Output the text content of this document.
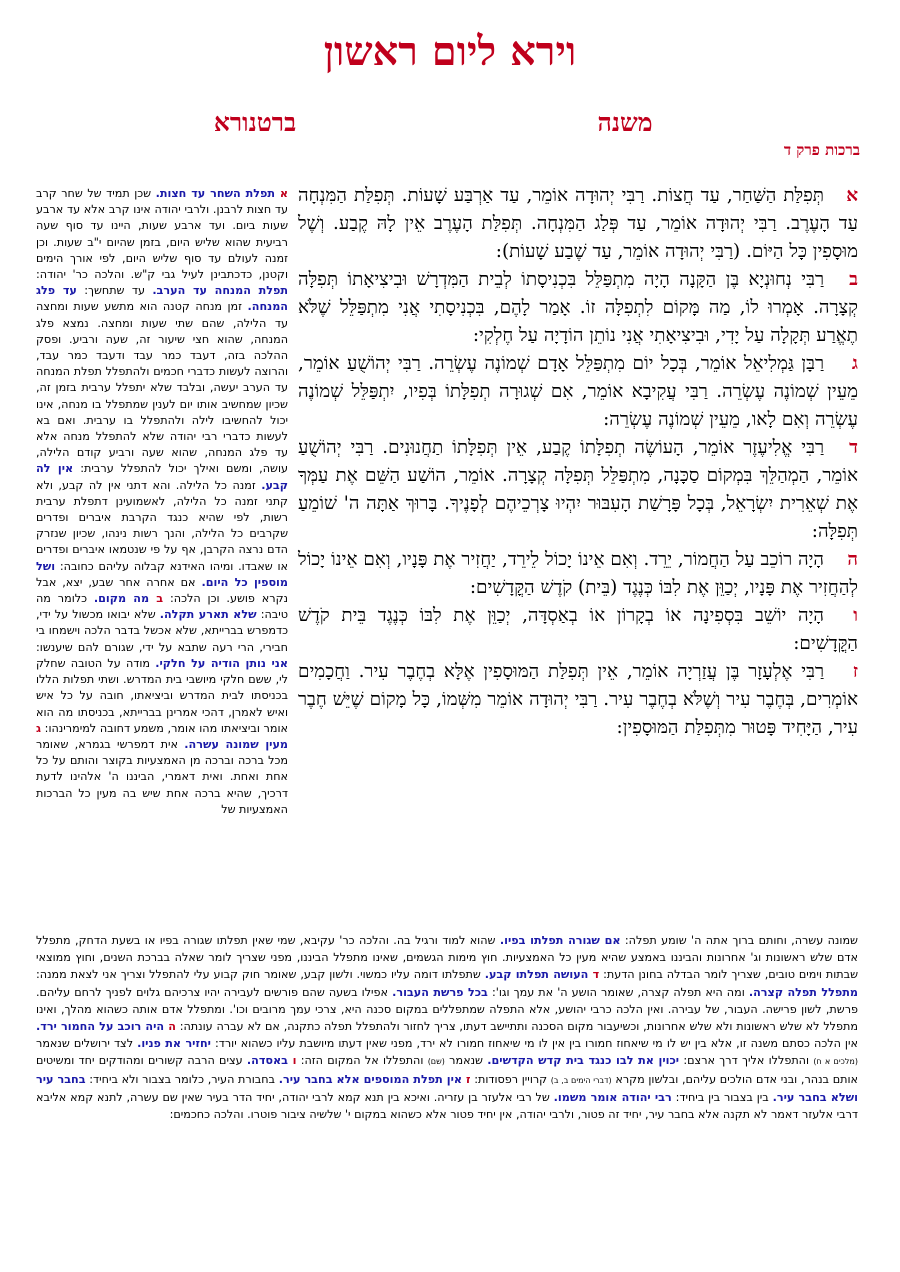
וירא ליום ראשון
משנה
ברטנורא
ברכות פרק ד

אתְּפִלַּת הַשַּׁחַר, עַד חֲצוֹת. רַבִּי יְהוּדָה אוֹמֵר, עַד אַרְבַּע שָׁעוֹת. תְּפִלַּת הַמִּנְחָה עַד הָעֶרֶב. רַבִּי יְהוּדָה אוֹמֵר, עַד פְּלַג הַמִּנְחָה. תְּפִלַּת הָעֶרֶב אֵין לָהּ קֶבַע. וְשֶׁל מוּסָפִין כָּל הַיּוֹם. (רַבִּי יְהוּדָה אוֹמֵר, עַד שֶׁבַע שָׁעוֹת):

ברַבִּי נְחוּנְיָא בֶּן הַקָּנָה הָיָה מִתְפַּלֵּל בִּכְנִיסָתוֹ לְבֵית הַמִּדְרָשׁ וּבִיצִיאָתוֹ תְּפִלָּה קְצָרָה. אָמְרוּ לוֹ, מַה מָּקוֹם לִתְפִלָּה זוֹ. אָמַר לָהֶם, בִּכְנִיסָתִי אֲנִי מִתְפַּלֵּל שֶׁלֹּא תֶאֱרַע תְּקָלָה עַל יָדִי, וּבִיצִיאָתִי אֲנִי נוֹתֵן הוֹדָיָה עַל חֶלְקִי:

גרַבָּן גַּמְלִיאֵל אוֹמֵר, בְּכָל יוֹם מִתְפַּלֵּל אָדָם שְׁמוֹנֶה עֶשְׂרֵה. רַבִּי יְהוֹשֻׁעַ אוֹמֵר, מֵעֵין שְׁמוֹנֶה עֶשְׂרֵה. רַבִּי עֲקִיבָא אוֹמֵר, אִם שְׁגוּרָה תְפִלָּתוֹ בְּפִיו, יִתְפַּלֵּל שְׁמוֹנֶה עֶשְׂרֵה וְאִם לָאו, מֵעֵין שְׁמוֹנֶה עֶשְׂרֵה:

דרַבִּי אֱלִיעֶזֶר אוֹמֵר, הָעוֹשֶׂה תְפִלָּתוֹ קֶבַע, אֵין תְּפִלָּתוֹ תַחֲנוּנִים. רַבִּי יְהוֹשֻׁעַ אוֹמֵר, הַמְהַלֵּךְ בִּמְקוֹם סַכָּנָה, מִתְפַּלֵּל תְּפִלָּה קְצָרָה. אוֹמֵר, הוֹשַׁע הַשֵּׁם אֶת עַמְּךָ אֶת שְׁאֵרִית יִשְׂרָאֵל, בְּכָל פָּרָשַׁת הָעִבּוּר יִהְיוּ צָרְכֵיהֶם לְפָנֶיךָ. בָּרוּךְ אַתָּה ה' שׁוֹמֵעַ תְּפִלָּה:

ההָיָה רוֹכֵב עַל הַחֲמוֹר, יֵרֵד. וְאִם אֵינוֹ יָכוֹל לֵירֵד, יַחֲזִיר אֶת פָּנָיו, וְאִם אֵינוֹ יָכוֹל לְהַחֲזִיר אֶת פָּנָיו, יְכַוֵּן אֶת לִבּוֹ כְּנֶגֶד (בֵּית) קֹדֶשׁ הַקֳּדָשִׁים:

והָיָה יוֹשֵׁב בִּסְפִינָה אוֹ בְקָרוֹן אוֹ בְאַסְדָּה, יְכַוֵּן אֶת לִבּוֹ כְּנֶגֶד בֵּית קֹדֶשׁ הַקֳּדָשִׁים:

זרַבִּי אֶלְעָזָר בֶּן עֲזַרְיָה אוֹמֵר, אֵין תְּפִלַּת הַמּוּסָפִין אֶלָּא בְחֶבֶר עִיר. וַחֲכָמִים אוֹמְרִים, בְּחֶבֶר עִיר וְשֶׁלֹּא בְחֶבֶר עִיר. רַבִּי יְהוּדָה אוֹמֵר מִשְּׁמוֹ, כָּל מָקוֹם שֶׁיֵּשׁ חֶבֶר עִיר, הַיָּחִיד פָּטוּר מִתְּפִלַּת הַמּוּסָפִין:

א תפלת השחר עד חצות. שכן תמיד של שחר קרב עד חצות לרבנן. ולרבי יהודה אינו קרב אלא עד ארבע שעות ביום. ועד ארבע שעות, היינו עד סוף שעה רביעית שהוא שליש היום, בזמן שהיום י"ב שעות. וכן זמנה לעולם עד סוף שליש היום, לפי אורך הימים וקטנן, כדכתבינן לעיל גבי ק"ש. והלכה כר' יהודה: תפלת המנחה עד הערב. עד שתחשך: עד פלג המנחה. זמן מנחה קטנה הוא מתשע שעות ומחצה עד הלילה, שהם שתי שעות ומחצה. נמצא פלג המנחה, שהוא חצי שיעור זה, שעה ורביע. ופסק ההלכה בזה, דעבד כמר עבד ודעבד כמר עבד, והרוצה לעשות כדברי חכמים ולהתפלל תפלת המנחה עד הערב יעשה, ובלבד שלא יתפלל ערבית בזמן זה, שכיון שמחשיב אותו יום לענין שמתפלל בו מנחה, אינו יכול להחשיבו לילה ולהתפלל בו ערבית. ואם בא לעשות כדברי רבי יהודה שלא להתפלל מנחה אלא עד פלג המנחה, שהוא שעה ורביע קודם הלילה, עושה, ומשם ואילך יכול להתפלל ערבית: אין לה קבע. זמנה כל הלילה. והא דתני אין לה קבע, ולא קתני זמנה כל הלילה, לאשמועינן דתפלת ערבית רשות, לפי שהיא כנגד הקרבת איברים ופדרים שקרבים כל הלילה, והנך רשות נינהו, שכיון שנזרק הדם נרצה הקרבן, אף על פי שנטמאו איברים ופדרים או שאבדו. ומיהו האידנא קבלוה עליהם כחובה: ושל מוספין כל היום. אם אחרה אחר שבע, יצא, אבל נקרא פושע. וכן הלכה: ב מה מקום. כלומר מה טיבה: שלא תארע תקלה. שלא יבואו מכשול על ידי, כדמפרש בברייתא, שלא אכשל בדבר הלכה וישמחו בי חבירי, הרי רעה שתבא על ידי, שגורם להם שיענשו: אני נותן הודיה על חלקי. מודה על הטובה שחלק לי, ששם חלקי מיושבי בית המדרש. ושתי תפלות הללו בכניסתו לבית המדרש וביציאתו, חובה על כל איש ואיש לאמרן, דהכי אמרינן בברייתא, בכניסתו מה הוא אומר וביציאתו מהו אומר, משמע דחובה למימרינהו: ג מעין שמונה עשרה. אית דמפרשי בגמרא, שאומר מכל ברכה וברכה מן האמצעיות בקוצר והותם על כל אחת ואחת. ואית דאמרי, הביננו ה' אלהינו לדעת דרכיך, שהיא ברכה אחת שיש בה מעין כל הברכות האמצעיות של
שמונה עשרה, וחותם ברוך אתה ה' שומע תפלה: אם שגורה תפלתו בפיו. שהוא למוד ורגיל בה. והלכה כר' עקיבא, שמי שאין תפלתו שגורה בפיו או בשעת הדחק, מתפלל אדם שלש ראשונות וג' אחרונות והביננו באמצע שהיא מעין כל האמצעיות. חוץ מימות הגשמים, שאינו מתפלל הביננו, מפני שצריך לומר שאלה בברכת השנים, וחוץ ממוצאי שבתות וימים טובים, שצריך לומר הבדלה בחונן הדעת: ד העושה תפלתו קבע. שתפלתו דומה עליו כמשוי. ולשון קבע, שאומר חוק קבוע עלי להתפלל וצריך אני לצאת ממנה: מתפלל תפלה קצרה. ומה היא תפלה קצרה, שאומר הושע ה' את עמך וגו': בכל פרשת העבור. אפילו בשעה שהם פורשים לעבירה יהיו צרכיהם גלוים לפניך לרחם עליהם. פרשת, לשון פרישה. העבור, של עבירה. ואין הלכה כרבי יהושע, אלא התפלה שמתפללים במקום סכנה היא, צרכי עמך מרובים וכו'. ומתפלל אדם אותה כשהוא מהלך, ואינו מתפלל לא שלש ראשונות ולא שלש אחרונות, וכשיעבור מקום הסכנה ותתיישב דעתו, צריך לחזור ולהתפלל תפלה כתקנה, אם לא עברה עונתה: ה היה רוכב על החמור ירד. אין הלכה כסתם משנה זו, אלא בין יש לו מי שיאחוז חמורו בין אין לו מי שיאחוז חמורו לא ירד, מפני שאין דעתו מיושבת עליו כשהוא יורד: יחזיר את פניו. לצד ירושלים שנאמר (מלכים א ח) והתפללו אליך דרך ארצם: יכוין את לבו כנגד בית קדש הקדשים. שנאמר (שם) והתפללו אל המקום הזה: ו באסדה. עצים הרבה קשורים ומהודקים יחד ומשיטים אותם בנהר, ובני אדם הולכים עליהם, ובלשון מקרא (דברי הימים ב, ב) קרויין רפסודות: ז אין תפלת המוספים אלא בחבר עיר. בחבורת העיר, כלומר בצבור ולא ביחיד: בחבר עיר ושלא בחבר עיר. בין בצבור בין ביחיד: רבי יהודה אומר משמו. של רבי אלעזר בן עזריה. ואיכא בין תנא קמא לרבי יהודה, יחיד הדר בעיר שאין שם עשרה, לתנא קמא אליבא דרבי אלעזר דאמר לא תקנה אלא בחבר עיר, יחיד זה פטור, ולרבי יהודה, אין יחיד פטור אלא כשהוא במקום י' שלשיה ציבור פוטרו. והלכה כחכמים:
